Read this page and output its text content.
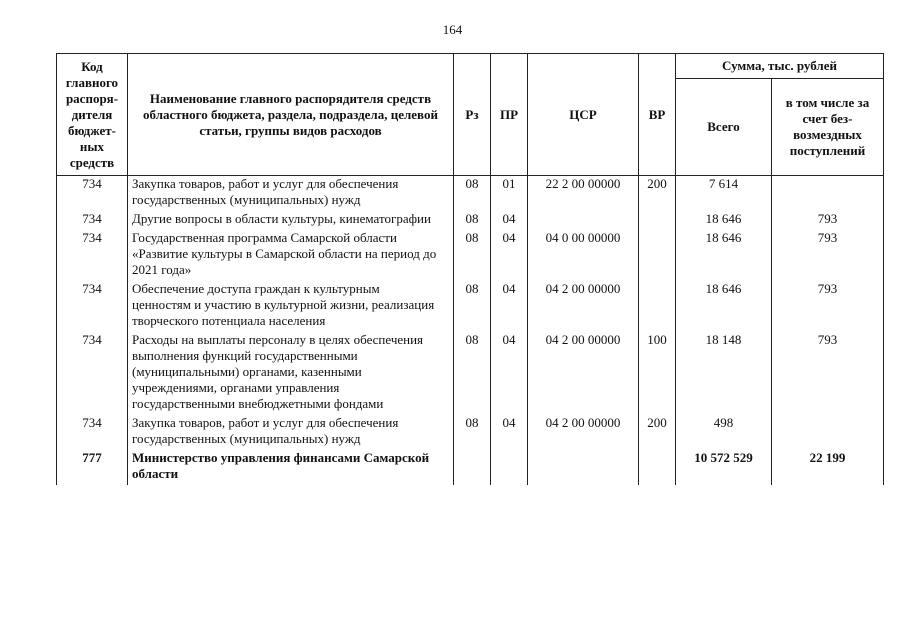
164
Код главного распоря-дителя бюджет-ных средств	Наименование главного распорядителя средств областного бюджета, раздела, подраздела, целевой статьи, группы видов расходов	Рз	ПР	ЦСР	ВР	Сумма, тыс. рублей	
						Всего	в том числе за счет без-возмездных поступлений
734	Закупка товаров, работ и услуг для обеспечения государственных (муниципальных) нужд	08	01	22 2 00 00000	200	7 614	
734	Другие вопросы в области культуры, кинематографии	08	04			18 646	793
734	Государственная программа Самарской области «Развитие культуры в Самарской области на период до 2021 года»	08	04	04 0 00 00000		18 646	793
734	Обеспечение доступа граждан к культурным ценностям и участию в культурной жизни, реализация творческого потенциала населения	08	04	04 2 00 00000		18 646	793
734	Расходы на выплаты персоналу в целях обеспечения выполнения функций государственными (муниципальными) органами, казенными учреждениями, органами управления государственными внебюджетными фондами	08	04	04 2 00 00000	100	18 148	793
734	Закупка товаров, работ и услуг для обеспечения государственных (муниципальных) нужд	08	04	04 2 00 00000	200	498	
777	Министерство управления финансами Самарской области					10 572 529	22 199
